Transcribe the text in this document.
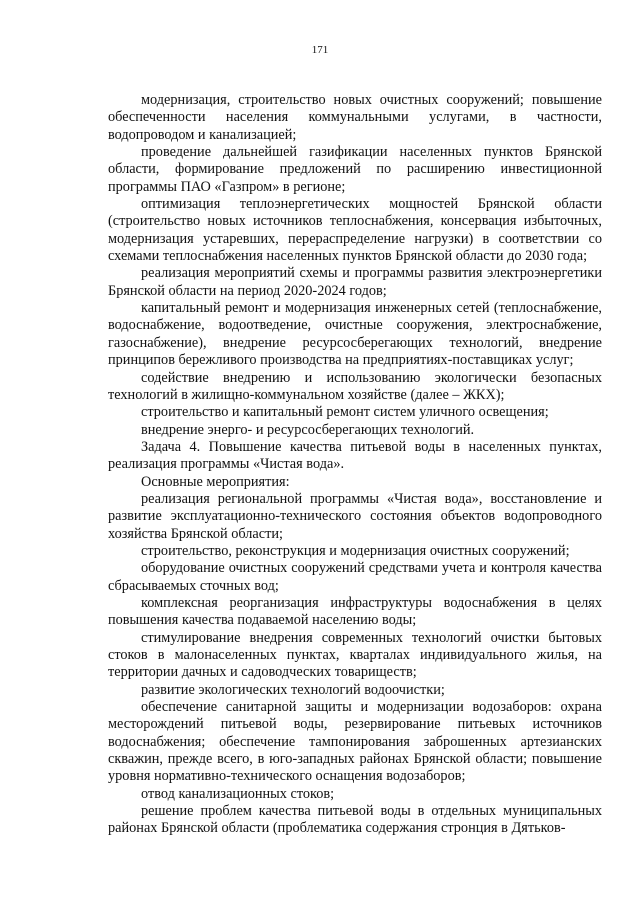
171

модернизация, строительство новых очистных сооружений; повышение обеспеченности населения коммунальными услугами, в частности, водопроводом и канализацией;

проведение дальнейшей газификации населенных пунктов Брянской области, формирование предложений по расширению инвестиционной программы ПАО «Газпром» в регионе;

оптимизация теплоэнергетических мощностей Брянской области (строительство новых источников теплоснабжения, консервация избыточных, модернизация устаревших, перераспределение нагрузки) в соответствии со схемами теплоснабжения населенных пунктов Брянской области до 2030 года;

реализация мероприятий схемы и программы развития электроэнергетики Брянской области на период 2020-2024 годов;

капитальный ремонт и модернизация инженерных сетей (теплоснабжение, водоснабжение, водоотведение, очистные сооружения, электроснабжение, газоснабжение), внедрение ресурсосберегающих технологий, внедрение принципов бережливого производства на предприятиях-поставщиках услуг;

содействие внедрению и использованию экологически безопасных технологий в жилищно-коммунальном хозяйстве (далее – ЖКХ);

строительство и капитальный ремонт систем уличного освещения;

внедрение энерго- и ресурсосберегающих технологий.

Задача 4. Повышение качества питьевой воды в населенных пунктах, реализация программы «Чистая вода».

Основные мероприятия:

реализация региональной программы «Чистая вода», восстановление и развитие эксплуатационно-технического состояния объектов водопроводного хозяйства Брянской области;

строительство, реконструкция и модернизация очистных сооружений;

оборудование очистных сооружений средствами учета и контроля качества сбрасываемых сточных вод;

комплексная реорганизация инфраструктуры водоснабжения в целях повышения качества подаваемой населению воды;

стимулирование внедрения современных технологий очистки бытовых стоков в малонаселенных пунктах, кварталах индивидуального жилья, на территории дачных и садоводческих товариществ;

развитие экологических технологий водоочистки;

обеспечение санитарной защиты и модернизации водозаборов: охрана месторождений питьевой воды, резервирование питьевых источников водоснабжения; обеспечение тампонирования заброшенных артезианских скважин, прежде всего, в юго-западных районах Брянской области; повышение уровня нормативно-технического оснащения водозаборов;

отвод канализационных стоков;

решение проблем качества питьевой воды в отдельных муниципальных районах Брянской области (проблематика содержания стронция в Дятьков-
